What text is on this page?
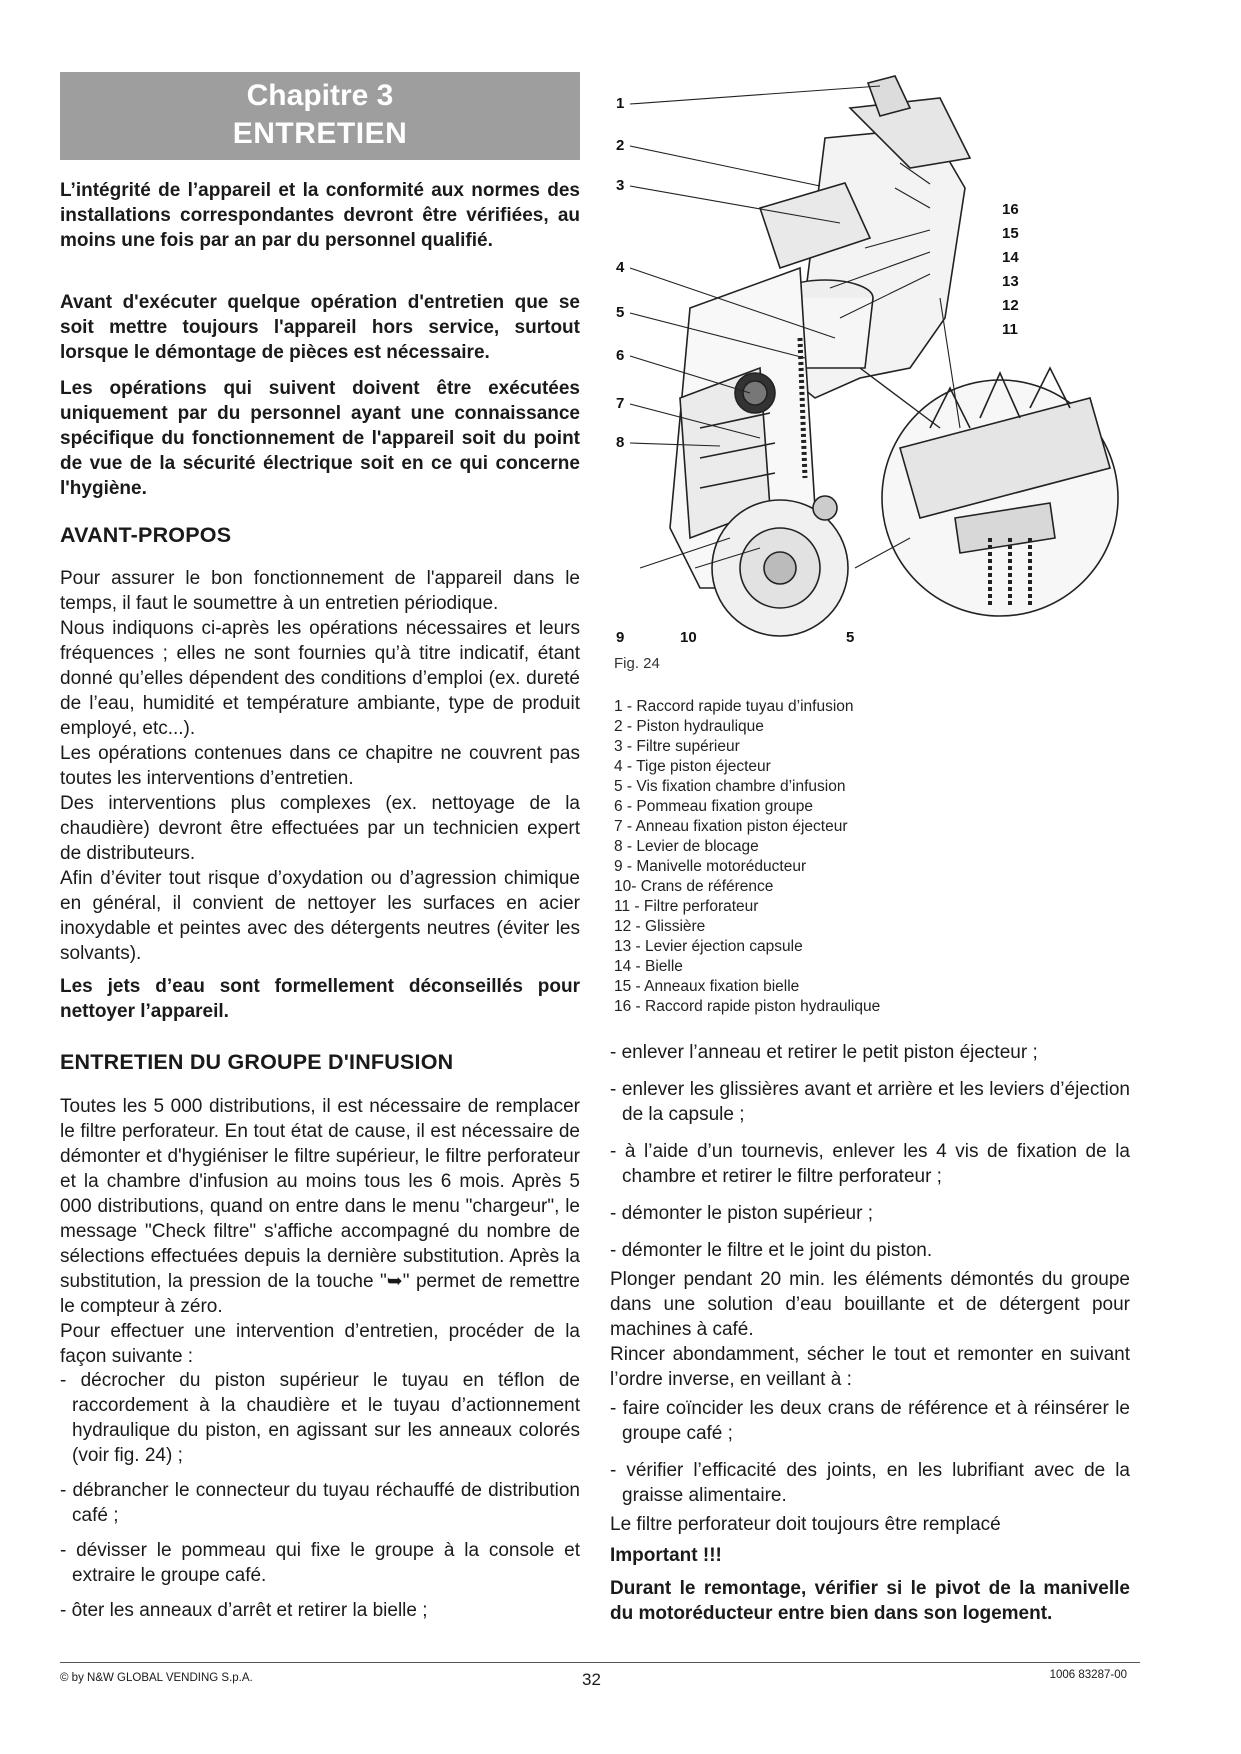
Chapitre 3
ENTRETIEN

L’intégrité de l’appareil et la conformité aux normes des installations correspondantes devront être vérifiées, au moins une fois par an par du personnel qualifié.

Avant d'exécuter quelque opération d'entretien que se soit mettre toujours l'appareil hors service, surtout lorsque le démontage de pièces est nécessaire.

Les opérations qui suivent doivent être exécutées uniquement par du personnel ayant une connaissance spécifique du fonctionnement de l'appareil soit du point de vue de la sécurité électrique soit en ce qui concerne l'hygiène.

AVANT-PROPOS

Pour assurer le bon fonctionnement de l'appareil dans le temps, il faut le soumettre à un entretien périodique.

Nous indiquons ci-après les opérations nécessaires et leurs fréquences ; elles ne sont fournies qu’à titre indicatif, étant donné qu’elles dépendent des conditions d’emploi (ex. dureté de l’eau, humidité et température ambiante, type de produit employé, etc...).

Les opérations contenues dans ce chapitre ne couvrent pas toutes les interventions d’entretien.

Des interventions plus complexes (ex. nettoyage de la chaudière) devront être effectuées par un technicien expert de distributeurs.

Afin d’éviter tout risque d’oxydation ou d’agression chimique en général, il convient de nettoyer les surfaces en acier inoxydable et peintes avec des détergents neutres (éviter les solvants).

Les jets d’eau sont formellement déconseillés pour nettoyer l’appareil.

ENTRETIEN DU GROUPE D'INFUSION

Toutes les 5 000 distributions, il est nécessaire de remplacer le filtre perforateur. En tout état de cause, il est nécessaire de démonter et d'hygiéniser le filtre supérieur, le filtre perforateur et la chambre d'infusion au moins tous les 6 mois. Après 5 000 distributions, quand on entre dans le menu "chargeur", le message "Check filtre" s'affiche accompagné du nombre de sélections effectuées depuis la dernière substitution. Après la substitution, la pression de la touche "➥" permet de remettre le compteur à zéro.

Pour effectuer une intervention d’entretien, procéder de la façon suivante :

- décrocher du piston supérieur le tuyau en téflon de raccordement à la chaudière et le tuyau d’actionnement hydraulique du piston, en agissant sur les anneaux colorés (voir fig. 24) ;

- débrancher le connecteur du tuyau réchauffé de distribution café ;

- dévisser le pommeau qui fixe le groupe à la console et extraire le groupe café.

- ôter les anneaux d’arrêt et retirer la bielle ;

1
2
3
4
5
6
7
8
9	10	5
11
12
13
14
15
16
Fig. 24
1 - Raccord rapide tuyau d’infusion
2 - Piston hydraulique
3 - Filtre supérieur
4 - Tige piston éjecteur
5 - Vis fixation chambre d’infusion
6 - Pommeau fixation groupe
7 - Anneau fixation piston éjecteur
8 - Levier de blocage
9 - Manivelle motoréducteur
10- Crans de référence
11 - Filtre perforateur
12 - Glissière
13 - Levier éjection capsule
14 - Bielle
15 - Anneaux fixation bielle
16 - Raccord rapide piston hydraulique

- enlever l’anneau et retirer le petit piston éjecteur ;

- enlever les glissières avant et arrière et les leviers d’éjection de la capsule ;

- à l’aide d’un tournevis, enlever les 4 vis de fixation de la chambre et retirer le filtre perforateur ;

- démonter le piston supérieur ;

- démonter le filtre et le joint du piston.

Plonger pendant 20 min. les éléments démontés du groupe dans une solution d’eau bouillante et de détergent pour machines à café.

Rincer abondamment, sécher le tout et remonter en suivant l’ordre inverse, en veillant à :

- faire coïncider les deux crans de référence et à réinsérer le groupe café ;

- vérifier l’efficacité des joints, en les lubrifiant avec de la graisse alimentaire.

Le filtre perforateur doit toujours être remplacé

Important !!!

Durant le remontage, vérifier si le pivot de la manivelle du motoréducteur entre bien dans son logement.

© by N&W GLOBAL VENDING S.p.A.	32	1006 83287-00
